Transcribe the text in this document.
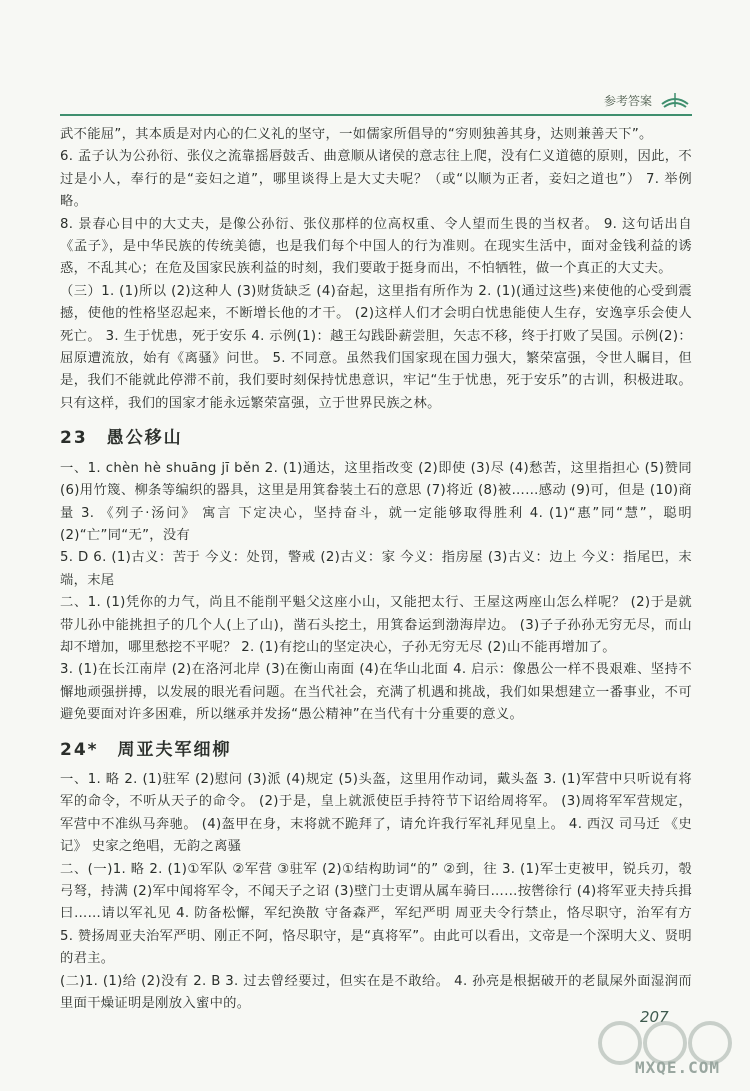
参考答案

武不能屈”，其本质是对内心的仁义礼的坚守，一如儒家所倡导的“穷则独善其身，达则兼善天下”。

6. 孟子认为公孙衍、张仪之流靠摇唇鼓舌、曲意顺从诸侯的意志往上爬，没有仁义道德的原则，因此，不过是小人，奉行的是“妾妇之道”，哪里谈得上是大丈夫呢？（或“以顺为正者，妾妇之道也”） 7. 举例略。

8. 景春心目中的大丈夫，是像公孙衍、张仪那样的位高权重、令人望而生畏的当权者。 9. 这句话出自《孟子》，是中华民族的传统美德，也是我们每个中国人的行为准则。在现实生活中，面对金钱利益的诱惑，不乱其心；在危及国家民族利益的时刻，我们要敢于挺身而出，不怕牺牲，做一个真正的大丈夫。

（三）1. (1)所以 (2)这种人 (3)财货缺乏 (4)奋起，这里指有所作为 2. (1)(通过这些)来使他的心受到震撼，使他的性格坚忍起来，不断增长他的才干。 (2)这样人们才会明白忧患能使人生存，安逸享乐会使人死亡。 3. 生于忧患，死于安乐 4. 示例(1)：越王勾践卧薪尝胆，矢志不移，终于打败了吴国。示例(2)：屈原遭流放，始有《离骚》问世。 5. 不同意。虽然我们国家现在国力强大，繁荣富强，令世人瞩目，但是，我们不能就此停滞不前，我们要时刻保持忧患意识，牢记“生于忧患，死于安乐”的古训，积极进取。只有这样，我们的国家才能永远繁荣富强，立于世界民族之林。

23　愚公移山

一、1. chèn hè shuāng jī běn 2. (1)通达，这里指改变 (2)即使 (3)尽 (4)愁苦，这里指担心 (5)赞同 (6)用竹篾、柳条等编织的器具，这里是用箕畚装土石的意思 (7)将近 (8)被……感动 (9)可，但是 (10)商量 3. 《列子·汤问》 寓言 下定决心，坚持奋斗，就一定能够取得胜利 4. (1)“惠”同“慧”，聪明 (2)“亡”同“无”，没有

5. D 6. (1)古义：苦于 今义：处罚，警戒 (2)古义：家 今义：指房屋 (3)古义：边上 今义：指尾巴，末端，末尾

二、1. (1)凭你的力气，尚且不能削平魁父这座小山，又能把太行、王屋这两座山怎么样呢？ (2)于是就带儿孙中能挑担子的几个人(上了山)，凿石头挖土，用箕畚运到渤海岸边。 (3)子子孙孙无穷无尽，而山却不增加，哪里愁挖不平呢？ 2. (1)有挖山的坚定决心，子孙无穷无尽 (2)山不能再增加了。

3. (1)在长江南岸 (2)在洛河北岸 (3)在衡山南面 (4)在华山北面 4. 启示：像愚公一样不畏艰难、坚持不懈地顽强拼搏，以发展的眼光看问题。在当代社会，充满了机遇和挑战，我们如果想建立一番事业，不可避免要面对许多困难，所以继承并发扬“愚公精神”在当代有十分重要的意义。

24*　周亚夫军细柳

一、1. 略 2. (1)驻军 (2)慰问 (3)派 (4)规定 (5)头盔，这里用作动词，戴头盔 3. (1)军营中只听说有将军的命令，不听从天子的命令。 (2)于是，皇上就派使臣手持符节下诏给周将军。 (3)周将军军营规定，军营中不准纵马奔驰。 (4)盔甲在身，末将就不跪拜了，请允许我行军礼拜见皇上。 4. 西汉 司马迁 《史记》 史家之绝唱，无韵之离骚

二、(一)1. 略 2. (1)①军队 ②军营 ③驻军 (2)①结构助词“的” ②到，往 3. (1)军士吏被甲，锐兵刃，彀弓弩，持满 (2)军中闻将军令，不闻天子之诏 (3)壁门士吏谓从属车骑曰……按辔徐行 (4)将军亚夫持兵揖曰……请以军礼见 4. 防备松懈，军纪涣散 守备森严，军纪严明 周亚夫令行禁止，恪尽职守，治军有方 5. 赞扬周亚夫治军严明、刚正不阿，恪尽职守，是“真将军”。由此可以看出，文帝是一个深明大义、贤明的君主。

(二)1. (1)给 (2)没有 2. B 3. 过去曾经要过，但实在是不敢给。 4. 孙亮是根据破开的老鼠屎外面湿润而里面干燥证明是刚放入蜜中的。

207
MXQE.COM
